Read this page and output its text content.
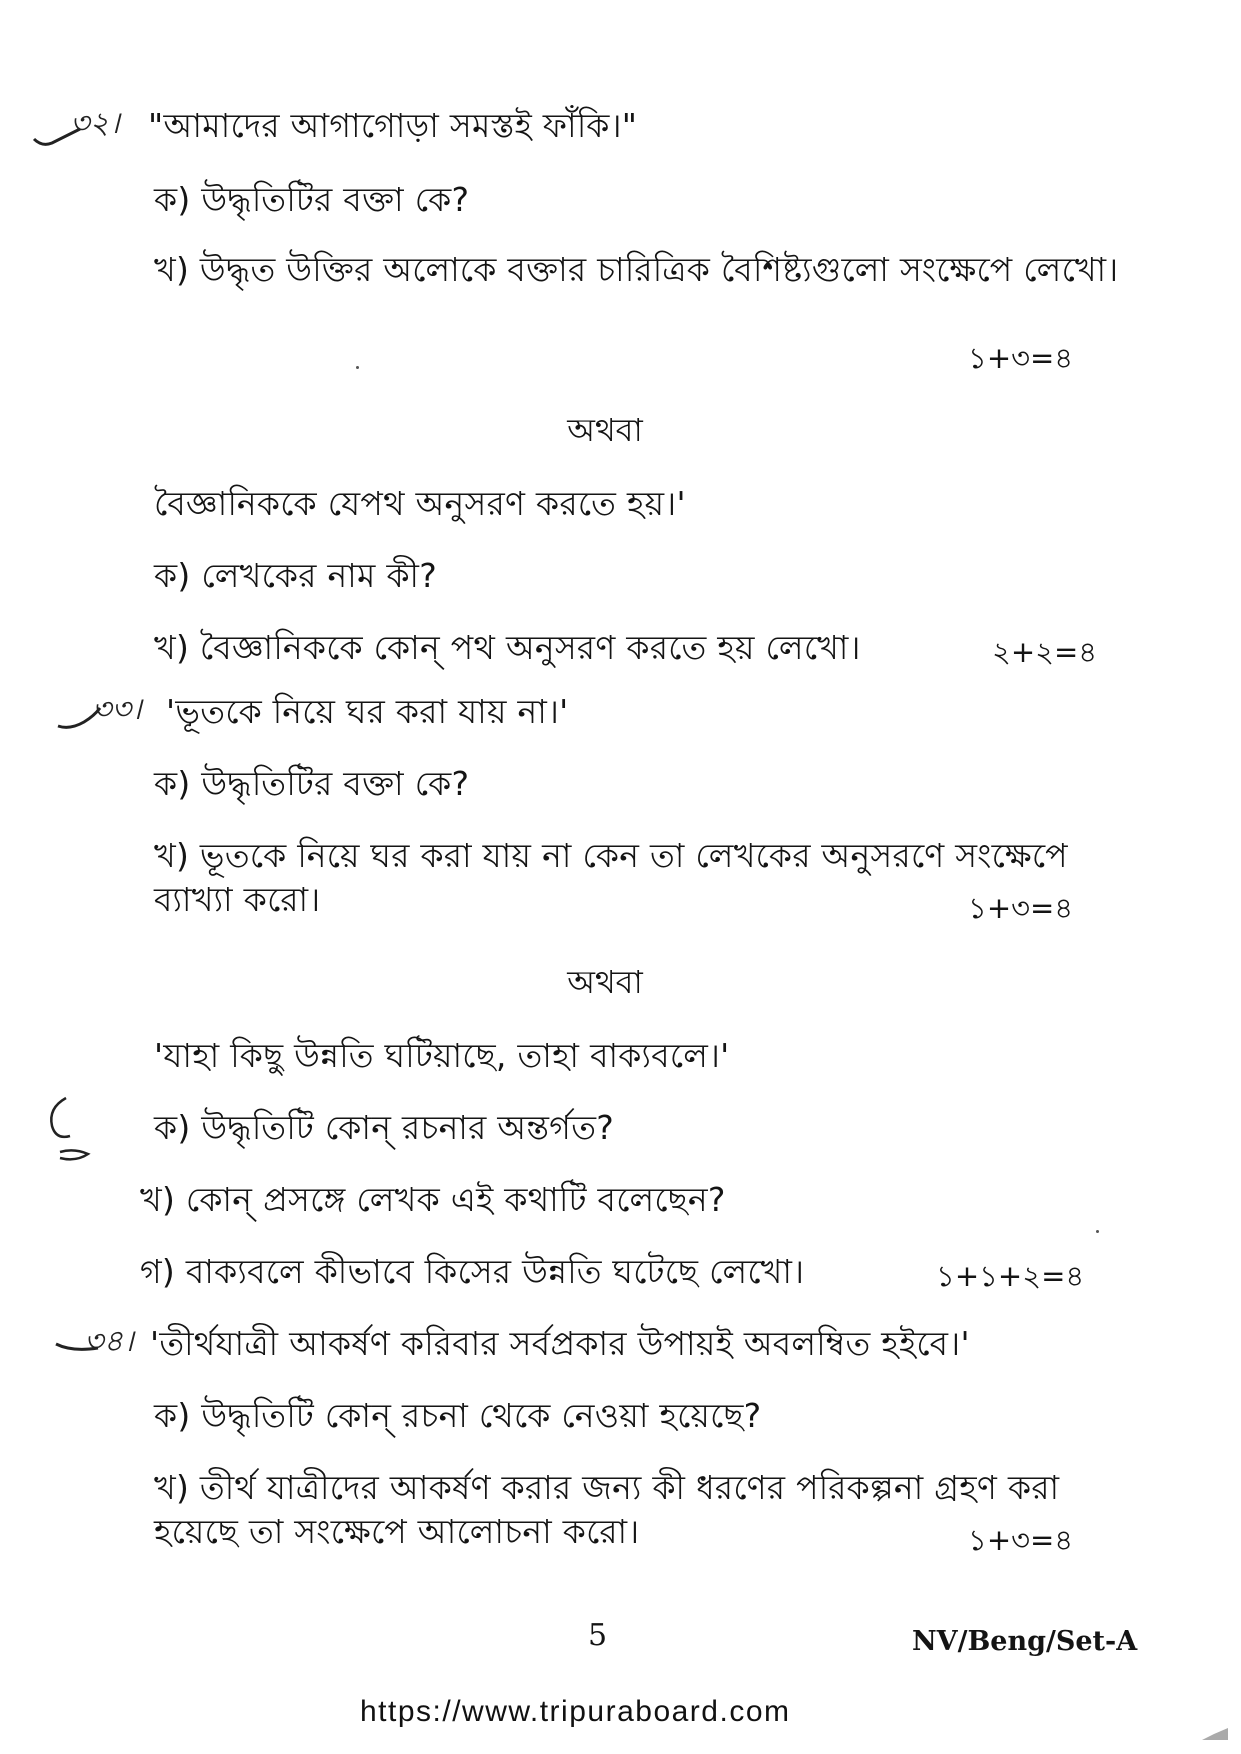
৩২। "আমাদের আগাগোড়া সমস্তই ফাঁকি।"
ক) উদ্ধৃতিটির বক্তা কে?
খ) উদ্ধৃত উক্তির অলোকে বক্তার চারিত্রিক বৈশিষ্ট্যগুলো সংক্ষেপে লেখো।
১+৩=৪
অথবা
বৈজ্ঞানিককে যেপথ অনুসরণ করতে হয়।'
ক) লেখকের নাম কী?
খ) বৈজ্ঞানিককে কোন্ পথ অনুসরণ করতে হয় লেখো।	২+২=৪
৩৩। 'ভূতকে নিয়ে ঘর করা যায় না।'
ক) উদ্ধৃতিটির বক্তা কে?
খ) ভূতকে নিয়ে ঘর করা যায় না কেন তা লেখকের অনুসরণে সংক্ষেপে
ব্যাখ্যা করো।	১+৩=৪
অথবা
'যাহা কিছু উন্নতি ঘটিয়াছে, তাহা বাক্যবলে।'
ক) উদ্ধৃতিটি কোন্ রচনার অন্তর্গত?
খ) কোন্ প্রসঙ্গে লেখক এই কথাটি বলেছেন?
গ) বাক্যবলে কীভাবে কিসের উন্নতি ঘটেছে লেখো।	১+১+২=৪
৩৪। 'তীর্থযাত্রী আকর্ষণ করিবার সর্বপ্রকার উপায়ই অবলম্বিত হইবে।'
ক) উদ্ধৃতিটি কোন্ রচনা থেকে নেওয়া হয়েছে?
খ) তীর্থ যাত্রীদের আকর্ষণ করার জন্য কী ধরণের পরিকল্পনা গ্রহণ করা
হয়েছে তা সংক্ষেপে আলোচনা করো।	১+৩=৪
5	NV/Beng/Set-A
https://www.tripuraboard.com
